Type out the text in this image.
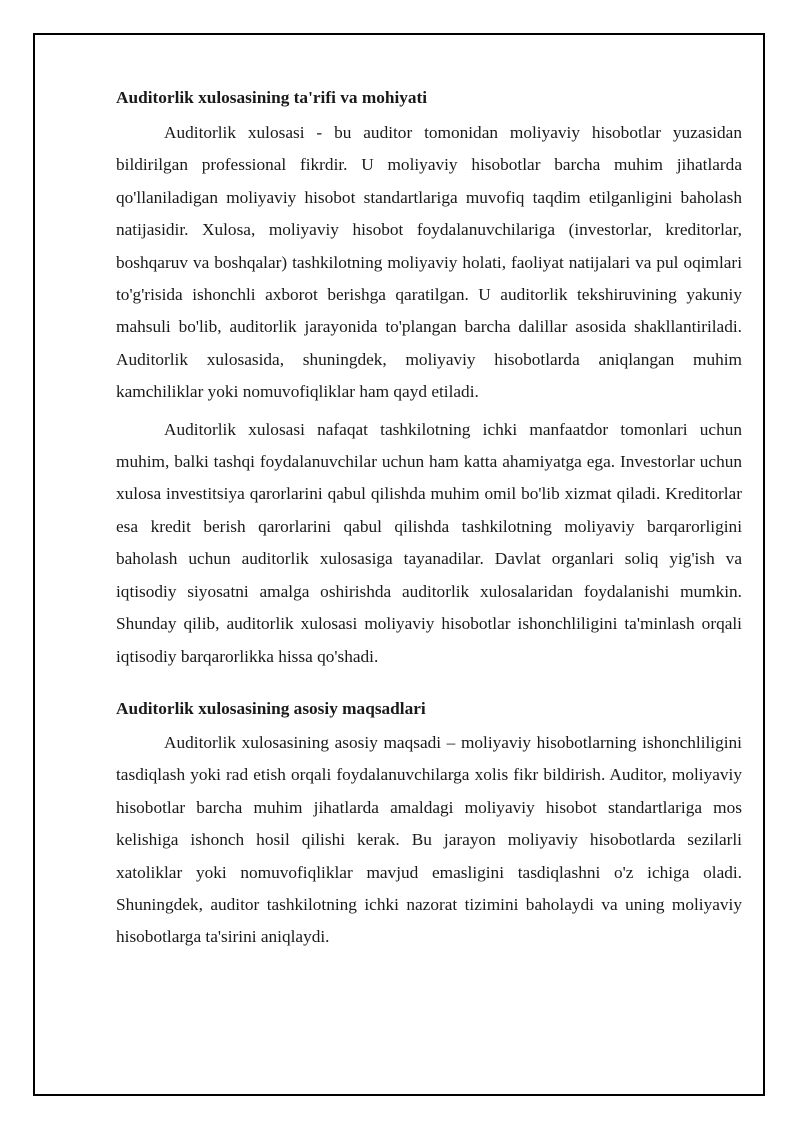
Auditorlik xulosasining ta'rifi va mohiyati

Auditorlik xulosasi - bu auditor tomonidan moliyaviy hisobotlar yuzasidan bildirilgan professional fikrdir. U moliyaviy hisobotlar barcha muhim jihatlarda qo'llaniladigan moliyaviy hisobot standartlariga muvofiq taqdim etilganligini baholash natijasidir. Xulosa, moliyaviy hisobot foydalanuvchilariga (investorlar, kreditorlar, boshqaruv va boshqalar) tashkilotning moliyaviy holati, faoliyat natijalari va pul oqimlari to'g'risida ishonchli axborot berishga qaratilgan. U auditorlik tekshiruvining yakuniy mahsuli bo'lib, auditorlik jarayonida to'plangan barcha dalillar asosida shakllantiriladi. Auditorlik xulosasida, shuningdek, moliyaviy hisobotlarda aniqlangan muhim kamchiliklar yoki nomuvofiqliklar ham qayd etiladi.

Auditorlik xulosasi nafaqat tashkilotning ichki manfaatdor tomonlari uchun muhim, balki tashqi foydalanuvchilar uchun ham katta ahamiyatga ega. Investorlar uchun xulosa investitsiya qarorlarini qabul qilishda muhim omil bo'lib xizmat qiladi. Kreditorlar esa kredit berish qarorlarini qabul qilishda tashkilotning moliyaviy barqarorligini baholash uchun auditorlik xulosasiga tayanadilar. Davlat organlari soliq yig'ish va iqtisodiy siyosatni amalga oshirishda auditorlik xulosalaridan foydalanishi mumkin. Shunday qilib, auditorlik xulosasi moliyaviy hisobotlar ishonchliligini ta'minlash orqali iqtisodiy barqarorlikka hissa qo'shadi.

Auditorlik xulosasining asosiy maqsadlari

Auditorlik xulosasining asosiy maqsadi – moliyaviy hisobotlarning ishonchliligini tasdiqlash yoki rad etish orqali foydalanuvchilarga xolis fikr bildirish. Auditor, moliyaviy hisobotlar barcha muhim jihatlarda amaldagi moliyaviy hisobot standartlariga mos kelishiga ishonch hosil qilishi kerak. Bu jarayon moliyaviy hisobotlarda sezilarli xatoliklar yoki nomuvofiqliklar mavjud emasligini tasdiqlashni o'z ichiga oladi. Shuningdek, auditor tashkilotning ichki nazorat tizimini baholaydi va uning moliyaviy hisobotlarga ta'sirini aniqlaydi.
